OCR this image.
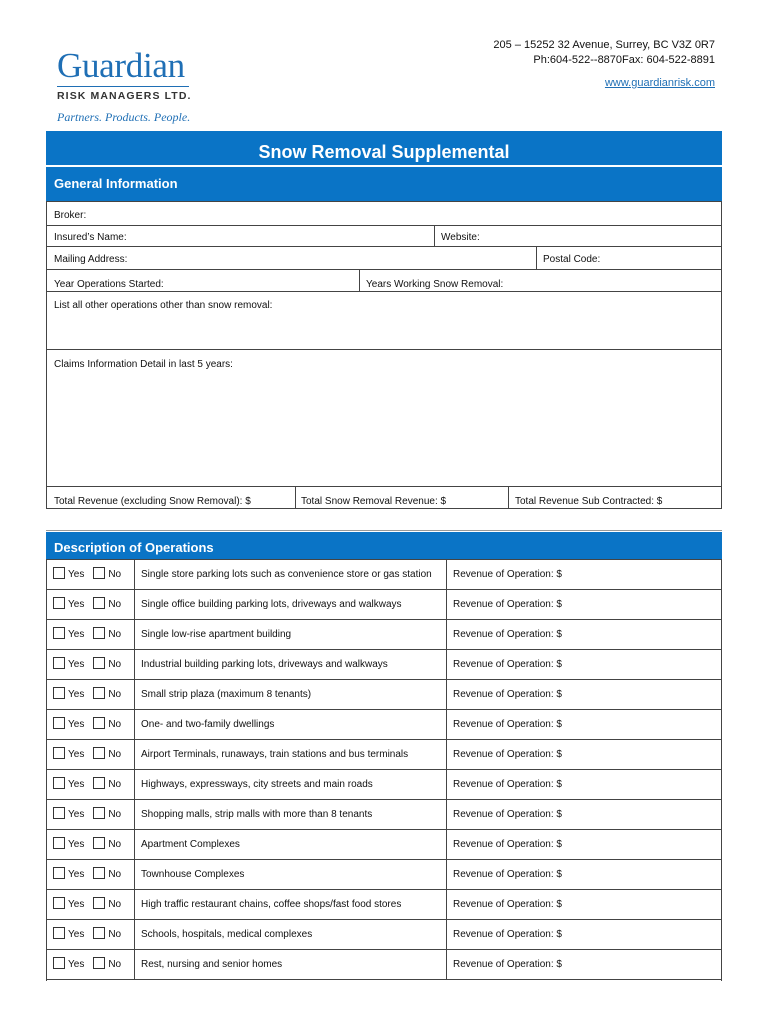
Guardian
RISK MANAGERS LTD.
Partners. Products. People.
205 – 15252 32 Avenue, Surrey, BC V3Z 0R7
Ph:604-522--8870Fax: 604-522-8891
www.guardianrisk.com
Snow Removal Supplemental
General Information
Broker:
Insured’s Name:	Website:
Mailing Address:	Postal Code:
Year Operations Started:	Years Working Snow Removal:
List all other operations other than snow removal:
Claims Information Detail in last 5 years:
Total Revenue (excluding Snow Removal): $	Total Snow Removal Revenue: $	Total Revenue Sub Contracted: $
Description of Operations
Yes No	Single store parking lots such as convenience store or gas station	Revenue of Operation: $
Yes No	Single office building parking lots, driveways and walkways	Revenue of Operation: $
Yes No	Single low-rise apartment building	Revenue of Operation: $
Yes No	Industrial building parking lots, driveways and walkways	Revenue of Operation: $
Yes No	Small strip plaza (maximum 8 tenants)	Revenue of Operation: $
Yes No	One- and two-family dwellings	Revenue of Operation: $
Yes No	Airport Terminals, runaways, train stations and bus terminals	Revenue of Operation: $
Yes No	Highways, expressways, city streets and main roads	Revenue of Operation: $
Yes No	Shopping malls, strip malls with more than 8 tenants	Revenue of Operation: $
Yes No	Apartment Complexes	Revenue of Operation: $
Yes No	Townhouse Complexes	Revenue of Operation: $
Yes No	High traffic restaurant chains, coffee shops/fast food stores	Revenue of Operation: $
Yes No	Schools, hospitals, medical complexes	Revenue of Operation: $
Yes No	Rest, nursing and senior homes	Revenue of Operation: $
